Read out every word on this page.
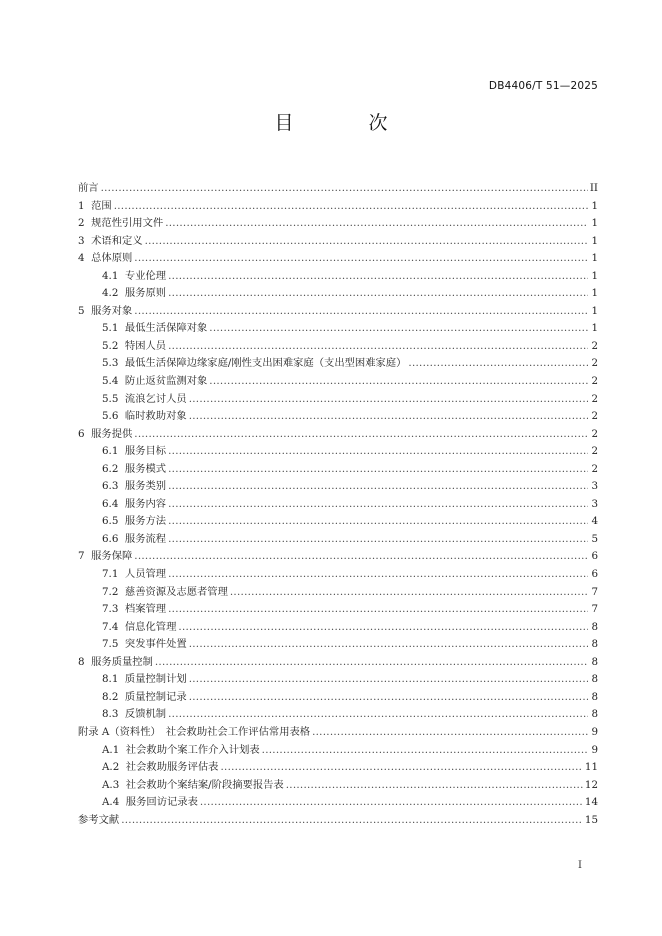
DB4406/T 51—2025
目　次
前言 . . .	II
1  范围 . . .	1
2  规范性引用文件 . . .	1
3  术语和定义 . . .	1
4  总体原则 . . .	1
4.1  专业伦理 . . .	1
4.2  服务原则 . . .	1
5  服务对象 . . .	1
5.1  最低生活保障对象 . . .	1
5.2  特困人员 . . .	2
5.3  最低生活保障边缘家庭/刚性支出困难家庭（支出型困难家庭） . . .	2
5.4  防止返贫监测对象 . . .	2
5.5  流浪乞讨人员 . . .	2
5.6  临时救助对象 . . .	2
6  服务提供 . . .	2
6.1  服务目标 . . .	2
6.2  服务模式 . . .	2
6.3  服务类别 . . .	3
6.4  服务内容 . . .	3
6.5  服务方法 . . .	4
6.6  服务流程 . . .	5
7  服务保障 . . .	6
7.1  人员管理 . . .	6
7.2  慈善资源及志愿者管理 . . .	7
7.3  档案管理 . . .	7
7.4  信息化管理 . . .	8
7.5  突发事件处置 . . .	8
8  服务质量控制 . . .	8
8.1  质量控制计划 . . .	8
8.2  质量控制记录 . . .	8
8.3  反馈机制 . . .	8
附录 A（资料性）　社会救助社会工作评估常用表格 . . .	9
A.1  社会救助个案工作介入计划表 . . .	9
A.2  社会救助服务评估表 . . .	11
A.3  社会救助个案结案/阶段摘要报告表 . . .	12
A.4  服务回访记录表 . . .	14
参考文献 . . .	15
I
